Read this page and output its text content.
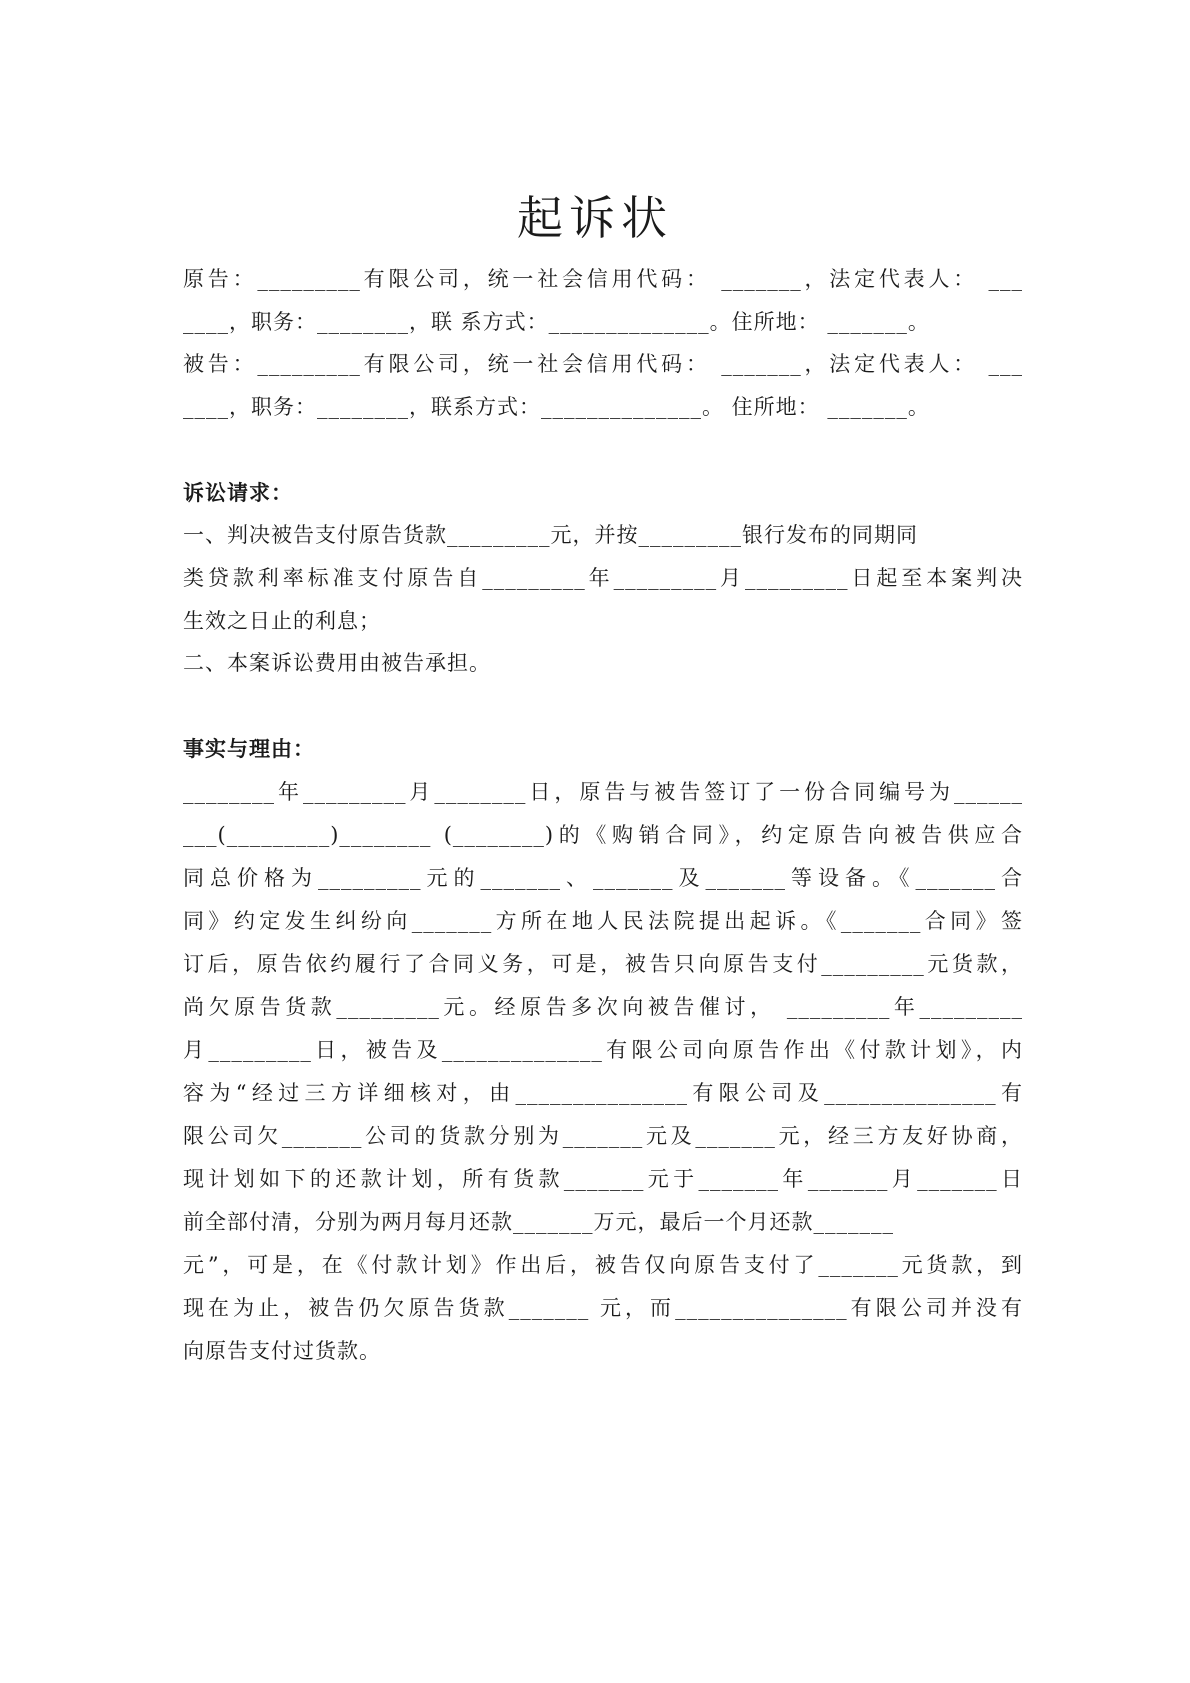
起诉状
原告：_________有限公司，统一社会信用代码： _______，法定代表人： ___
____，职务：________，联 系方式：______________。住所地： _______。
被告：_________有限公司，统一社会信用代码： _______，法定代表人： ___
____，职务：________，联系方式：______________。 住所地： _______。
诉讼请求：
一、判决被告支付原告货款_________元，并按_________银行发布的同期同
类贷款利率标准支付原告自_________年_________月_________日起至本案判决
生效之日止的利息；
二、本案诉讼费用由被告承担。
事实与理由：
________年_________月________日，原告与被告签订了一份合同编号为______
___(_________)________ (________)的《购销合同》，约定原告向被告供应合
同总价格为_________元的_______、_______及_______等设备。《_______合
同》约定发生纠纷向_______方所在地人民法院提出起诉。《_______合同》签
订后，原告依约履行了合同义务，可是，被告只向原告支付_________元货款，
尚欠原告货款_________元。经原告多次向被告催讨， _________年_________
月_________日，被告及______________有限公司向原告作出《付款计划》，内
容为“经过三方详细核对，由_______________有限公司及_______________有
限公司欠_______公司的货款分别为_______元及_______元，经三方友好协商，
现计划如下的还款计划，所有货款_______元于_______年_______月_______日
前全部付清，分别为两月每月还款_______万元，最后一个月还款_______
元”，可是，在《付款计划》作出后，被告仅向原告支付了_______元货款，到
现在为止，被告仍欠原告货款_______ 元，而_______________有限公司并没有
向原告支付过货款。
